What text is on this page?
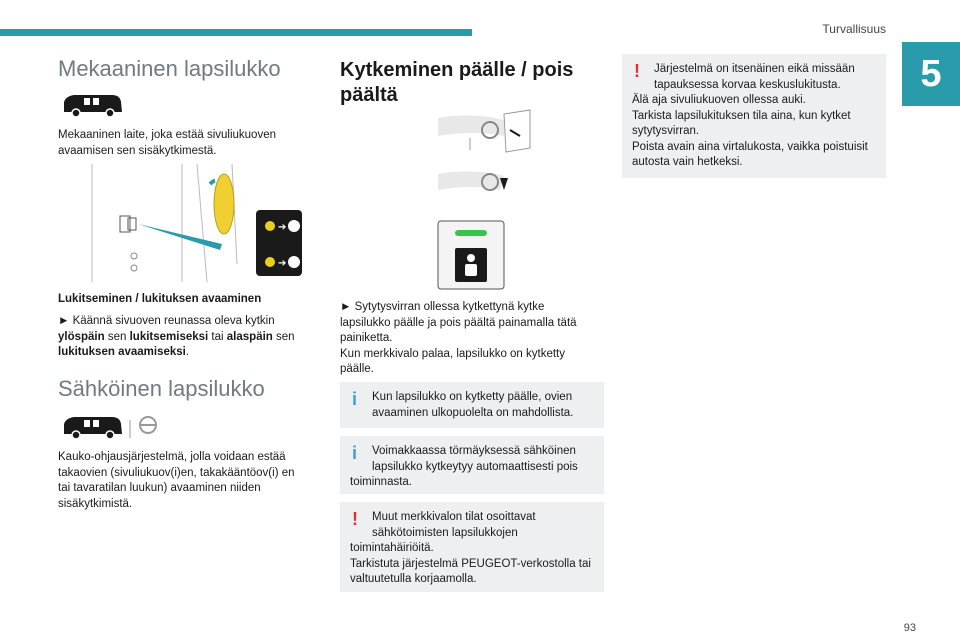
Turvallisuus
5
Mekaaninen lapsilukko

Mekaaninen laite, joka estää sivuliukuoven avaamisen sen sisäkytkimestä.

➔
➔

Lukitseminen / lukituksen avaaminen

► Käännä sivuoven reunassa oleva kytkin ylöspäin sen lukitsemiseksi tai alaspäin sen lukituksen avaamiseksi.

Sähköinen lapsilukko

Kauko-ohjausjärjestelmä, jolla voidaan estää takaovien (sivuliukuov(i)en, takakääntöov(i) en tai tavaratilan luukun) avaaminen niiden sisäkytkimistä.

Kytkeminen päälle / pois päältä

► Sytytysvirran ollessa kytkettynä kytke lapsilukko päälle ja pois päältä painamalla tätä painiketta.
Kun merkkivalo palaa, lapsilukko on kytketty päälle.

i	Kun lapsilukko on kytketty päälle, ovien avaaminen ulkopuolelta on mahdollista.
i	Voimakkaassa törmäyksessä sähköinen lapsilukko kytkeytyy automaattisesti pois
toiminnasta.
!	Muut merkkivalon tilat osoittavat sähkötoimisten lapsilukkojen
toimintahäiriöitä.
Tarkistuta järjestelmä PEUGEOT-verkostolla tai valtuutetulla korjaamolla.
!	Järjestelmä on itsenäinen eikä missään tapauksessa korvaa keskuslukitusta.
Älä aja sivuliukuoven ollessa auki.
Tarkista lapsilukituksen tila aina, kun kytket sytytysvirran.
Poista avain aina virtalukosta, vaikka poistuisit autosta vain hetkeksi.
93
